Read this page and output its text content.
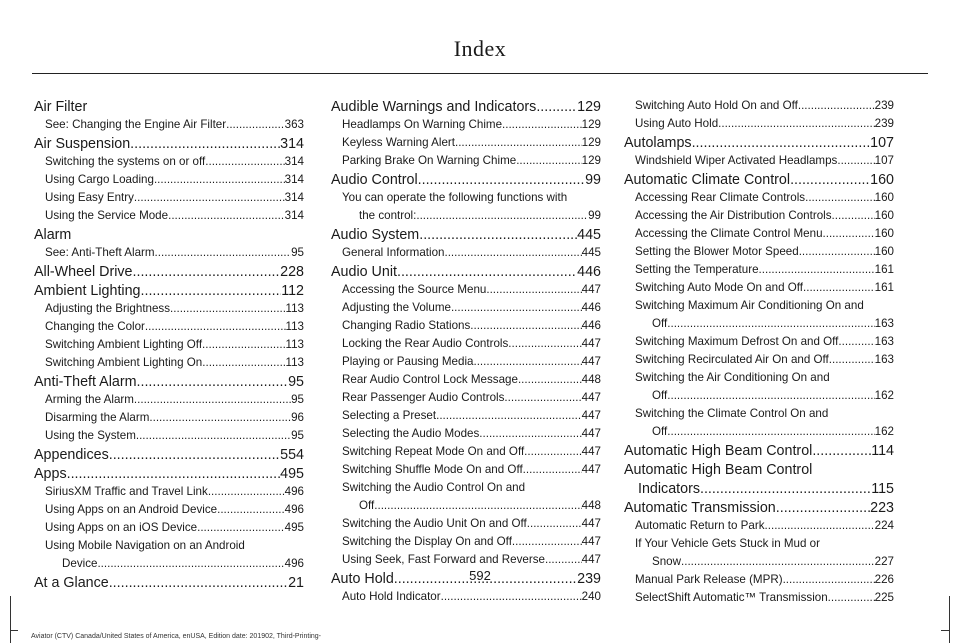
Index
Air Filter
See: Changing the Engine Air Filter .....	363
Air Suspension .....	314
Switching the systems on or off .....	314
Using Cargo Loading .....	314
Using Easy Entry .....	314
Using the Service Mode .....	314
Alarm
See: Anti-Theft Alarm .....	95
All-Wheel Drive .....	228
Ambient Lighting .....	112
Adjusting the Brightness .....	113
Changing the Color .....	113
Switching Ambient Lighting Off .....	113
Switching Ambient Lighting On .....	113
Anti-Theft Alarm .....	95
Arming the Alarm .....	95
Disarming the Alarm .....	96
Using the System .....	95
Appendices .....	554
Apps .....	495
SiriusXM Traffic and Travel Link .....	496
Using Apps on an Android Device .....	496
Using Apps on an iOS Device .....	495
Using Mobile Navigation on an Android
Device .....	496
At a Glance .....	21
Audible Warnings and Indicators .....	129
Headlamps On Warning Chime .....	129
Keyless Warning Alert .....	129
Parking Brake On Warning Chime .....	129
Audio Control .....	99
You can operate the following functions with
the control: .....	99
Audio System .....	445
General Information .....	445
Audio Unit .....	446
Accessing the Source Menu .....	447
Adjusting the Volume .....	446
Changing Radio Stations .....	446
Locking the Rear Audio Controls .....	447
Playing or Pausing Media .....	447
Rear Audio Control Lock Message .....	448
Rear Passenger Audio Controls .....	447
Selecting a Preset .....	447
Selecting the Audio Modes .....	447
Switching Repeat Mode On and Off .....	447
Switching Shuffle Mode On and Off .....	447
Switching the Audio Control On and
Off .....	448
Switching the Audio Unit On and Off .....	447
Switching the Display On and Off .....	447
Using Seek, Fast Forward and Reverse .....	447
Auto Hold .....	239
Auto Hold Indicator .....	240
Switching Auto Hold On and Off .....	239
Using Auto Hold .....	239
Autolamps .....	107
Windshield Wiper Activated Headlamps .....	107
Automatic Climate Control .....	160
Accessing Rear Climate Controls .....	160
Accessing the Air Distribution Controls .....	160
Accessing the Climate Control Menu .....	160
Setting the Blower Motor Speed .....	160
Setting the Temperature .....	161
Switching Auto Mode On and Off .....	161
Switching Maximum Air Conditioning On and
Off .....	163
Switching Maximum Defrost On and Off .....	163
Switching Recirculated Air On and Off .....	163
Switching the Air Conditioning On and
Off .....	162
Switching the Climate Control On and
Off .....	162
Automatic High Beam Control .....	114
Automatic High Beam Control
Indicators .....	115
Automatic Transmission .....	223
Automatic Return to Park .....	224
If Your Vehicle Gets Stuck in Mud or
Snow .....	227
Manual Park Release (MPR) .....	226
SelectShift Automatic™ Transmission .....	225
592
Aviator (CTV) Canada/United States of America, enUSA, Edition date: 201902, Third-Printing-
